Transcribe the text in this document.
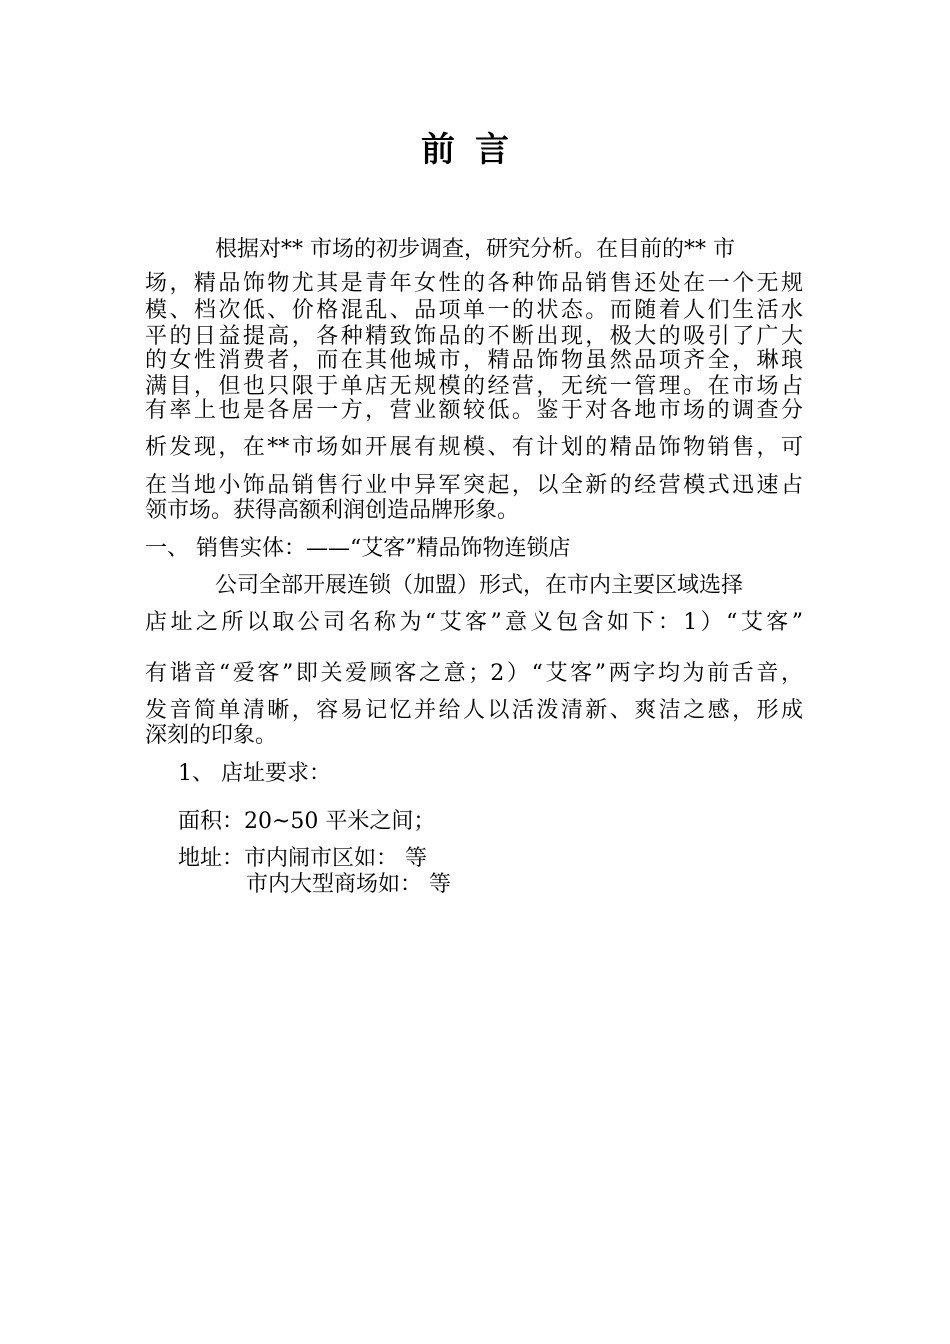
前言
根据对** 市场的初步调查，研究分析。在目前的** 市
场，精品饰物尤其是青年女性的各种饰品销售还处在一个无规
模、档次低、价格混乱、品项单一的状态。而随着人们生活水
平的日益提高，各种精致饰品的不断出现，极大的吸引了广大
的女性消费者，而在其他城市，精品饰物虽然品项齐全，琳琅
满目，但也只限于单店无规模的经营，无统一管理。在市场占
有率上也是各居一方，营业额较低。鉴于对各地市场的调查分
析发现，在**市场如开展有规模、有计划的精品饰物销售，可
在当地小饰品销售行业中异军突起，以全新的经营模式迅速占
领市场。获得高额利润创造品牌形象。
一、 销售实体：——“艾客”精品饰物连锁店
公司全部开展连锁（加盟）形式，在市内主要区域选择
店址之所以取公司名称为“艾客”意义包含如下：1）“艾客”
有谐音“爱客”即关爱顾客之意；2）“艾客”两字均为前舌音，
发音简单清晰，容易记忆并给人以活泼清新、爽洁之感，形成
深刻的印象。
1、 店址要求：
面积：20~50 平米之间；
地址：市内闹市区如： 等
市内大型商场如： 等
